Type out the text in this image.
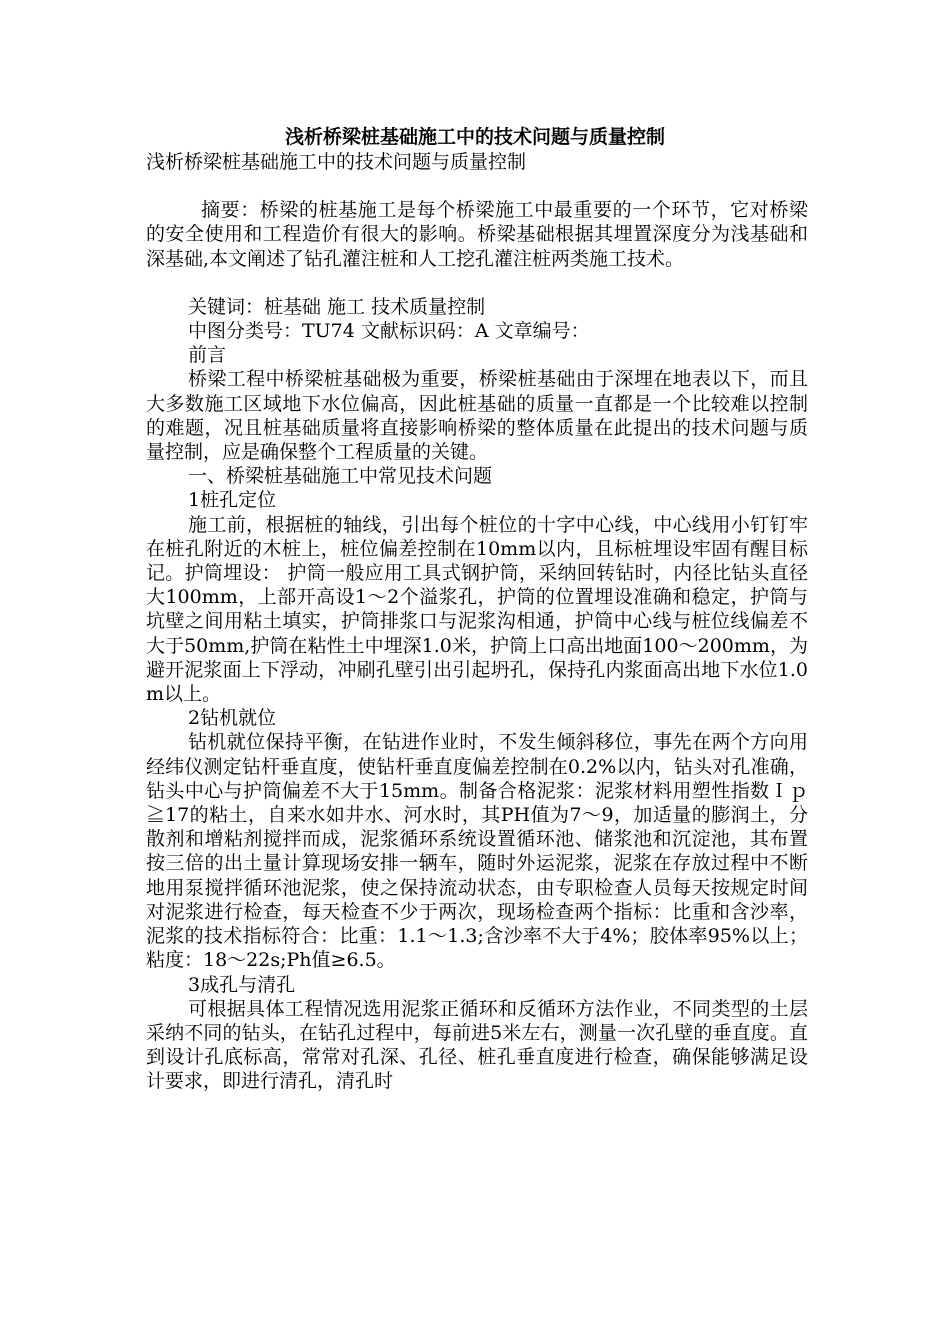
浅析桥梁桩基础施工中的技术问题与质量控制

浅析桥梁桩基础施工中的技术问题与质量控制

摘要：桥梁的桩基施工是每个桥梁施工中最重要的一个环节，它对桥梁的安全使用和工程造价有很大的影响。桥梁基础根据其埋置深度分为浅基础和深基础,本文阐述了钻孔灌注桩和人工挖孔灌注桩两类施工技术。

关键词：桩基础 施工 技术质量控制

中图分类号：TU74 文献标识码：A 文章编号：

前言

桥梁工程中桥梁桩基础极为重要，桥梁桩基础由于深埋在地表以下，而且大多数施工区域地下水位偏高，因此桩基础的质量一直都是一个比较难以控制的难题，况且桩基础质量将直接影响桥梁的整体质量在此提出的技术问题与质量控制，应是确保整个工程质量的关键。

一、桥梁桩基础施工中常见技术问题

1桩孔定位

施工前，根据桩的轴线，引出每个桩位的十字中心线，中心线用小钉钉牢在桩孔附近的木桩上，桩位偏差控制在10mm以内，且标桩埋设牢固有醒目标记。护筒埋设： 护筒一般应用工具式钢护筒，采纳回转钻时，内径比钻头直径大100mm，上部开高设1～2个溢浆孔，护筒的位置埋设准确和稳定，护筒与坑壁之间用粘土填实，护筒排浆口与泥浆沟相通，护筒中心线与桩位线偏差不大于50mm,护筒在粘性土中埋深1.0米，护筒上口高出地面100～200mm，为避开泥浆面上下浮动，冲刷孔壁引出引起坍孔，保持孔内浆面高出地下水位1.0m以上。

2钻机就位

钻机就位保持平衡，在钻进作业时，不发生倾斜移位，事先在两个方向用经纬仪测定钻杆垂直度，使钻杆垂直度偏差控制在0.2%以内，钻头对孔准确，钻头中心与护筒偏差不大于15mm。制备合格泥浆：泥浆材料用塑性指数Ｉｐ≧17的粘土，自来水如井水、河水时，其PH值为7～9，加适量的膨润土，分散剂和增粘剂搅拌而成，泥浆循环系统设置循环池、储浆池和沉淀池，其布置按三倍的出土量计算现场安排一辆车，随时外运泥浆，泥浆在存放过程中不断地用泵搅拌循环池泥浆，使之保持流动状态，由专职检查人员每天按规定时间对泥浆进行检查，每天检查不少于两次，现场检查两个指标：比重和含沙率，泥浆的技术指标符合：比重：1.1～1.3;含沙率不大于4%；胶体率95%以上；粘度：18～22s;Ph值≥6.5。

3成孔与清孔

可根据具体工程情况选用泥浆正循环和反循环方法作业，不同类型的土层采纳不同的钻头，在钻孔过程中，每前进5米左右，测量一次孔壁的垂直度。直到设计孔底标高，常常对孔深、孔径、桩孔垂直度进行检查，确保能够满足设计要求，即进行清孔，清孔时
